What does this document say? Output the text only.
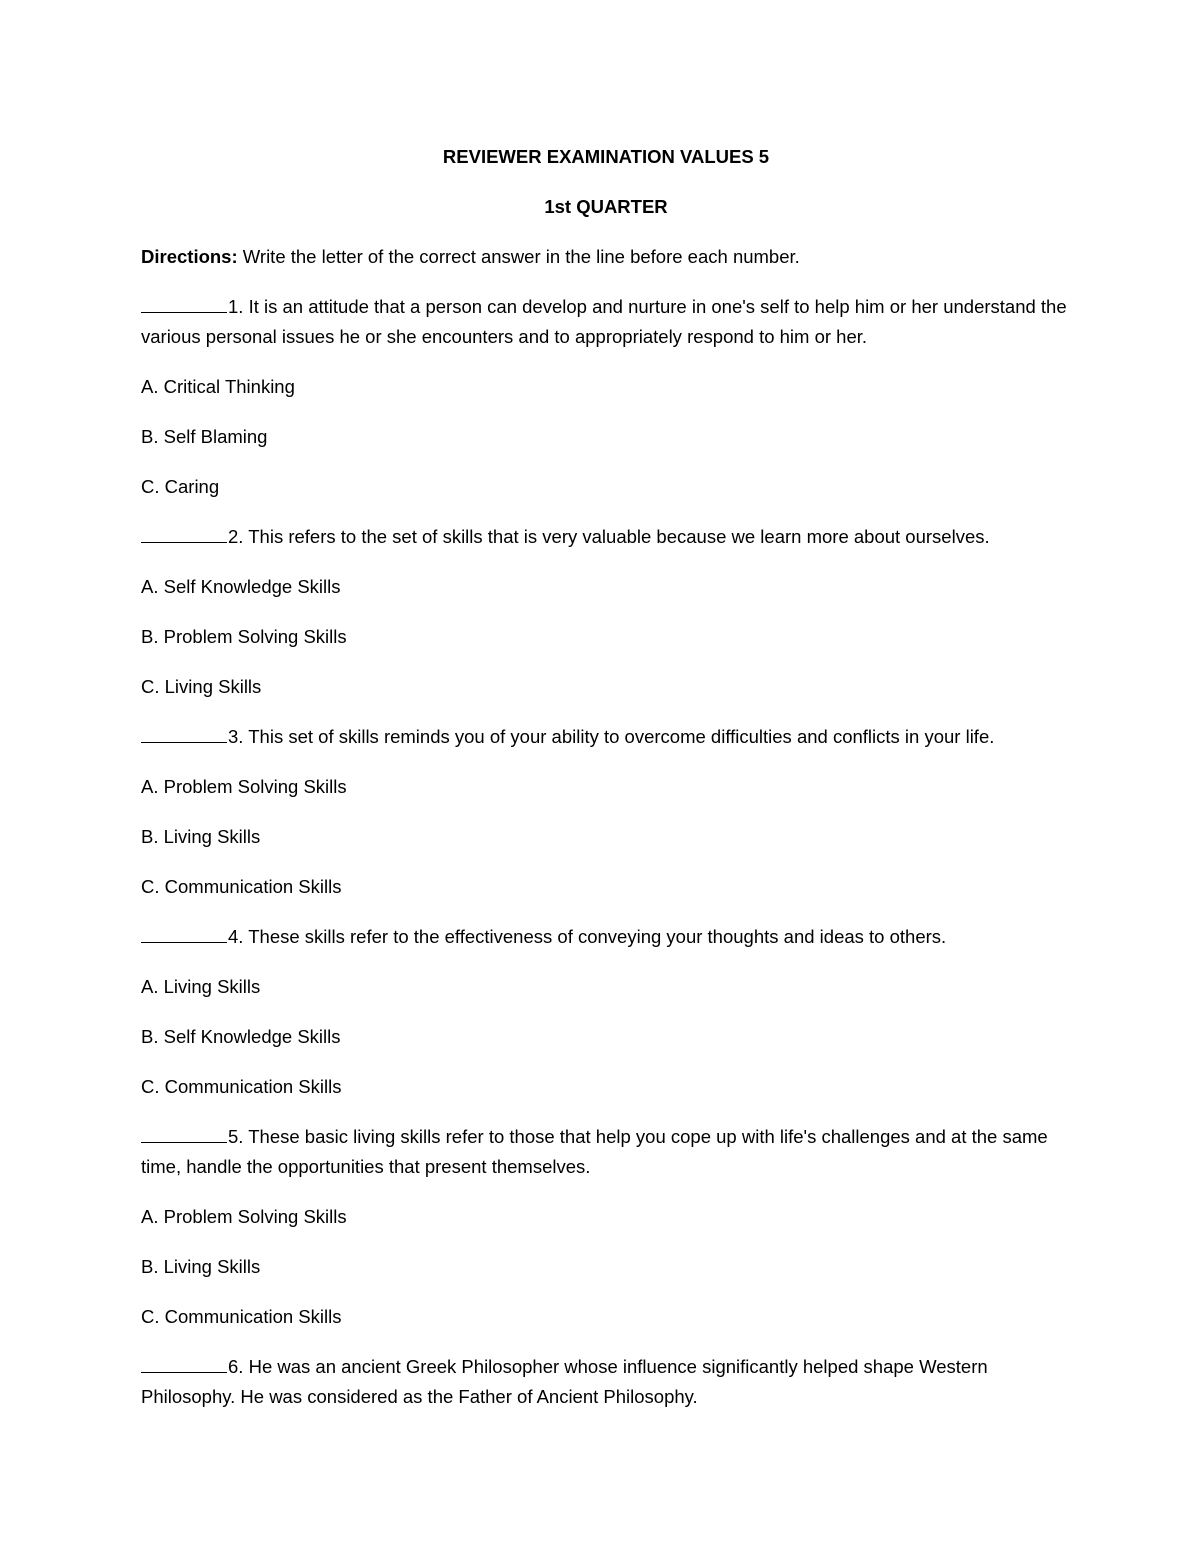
REVIEWER EXAMINATION VALUES 5
1st QUARTER
Directions: Write the letter of the correct answer in the line before each number.
1. It is an attitude that a person can develop and nurture in one's self to help him or her understand the various personal issues he or she encounters and to appropriately respond to him or her.
A. Critical Thinking
B. Self Blaming
C. Caring
2. This refers to the set of skills that is very valuable because we learn more about ourselves.
A. Self Knowledge Skills
B. Problem Solving Skills
C. Living Skills
3. This set of skills reminds you of your ability to overcome difficulties and conflicts in your life.
A. Problem Solving Skills
B. Living Skills
C. Communication Skills
4. These skills refer to the effectiveness of conveying your thoughts and ideas to others.
A. Living Skills
B. Self Knowledge Skills
C. Communication Skills
5. These basic living skills refer to those that help you cope up with life's challenges and at the same time, handle the opportunities that present themselves.
A. Problem Solving Skills
B. Living Skills
C. Communication Skills
6. He was an ancient Greek Philosopher whose influence significantly helped shape Western Philosophy. He was considered as the Father of Ancient Philosophy.
